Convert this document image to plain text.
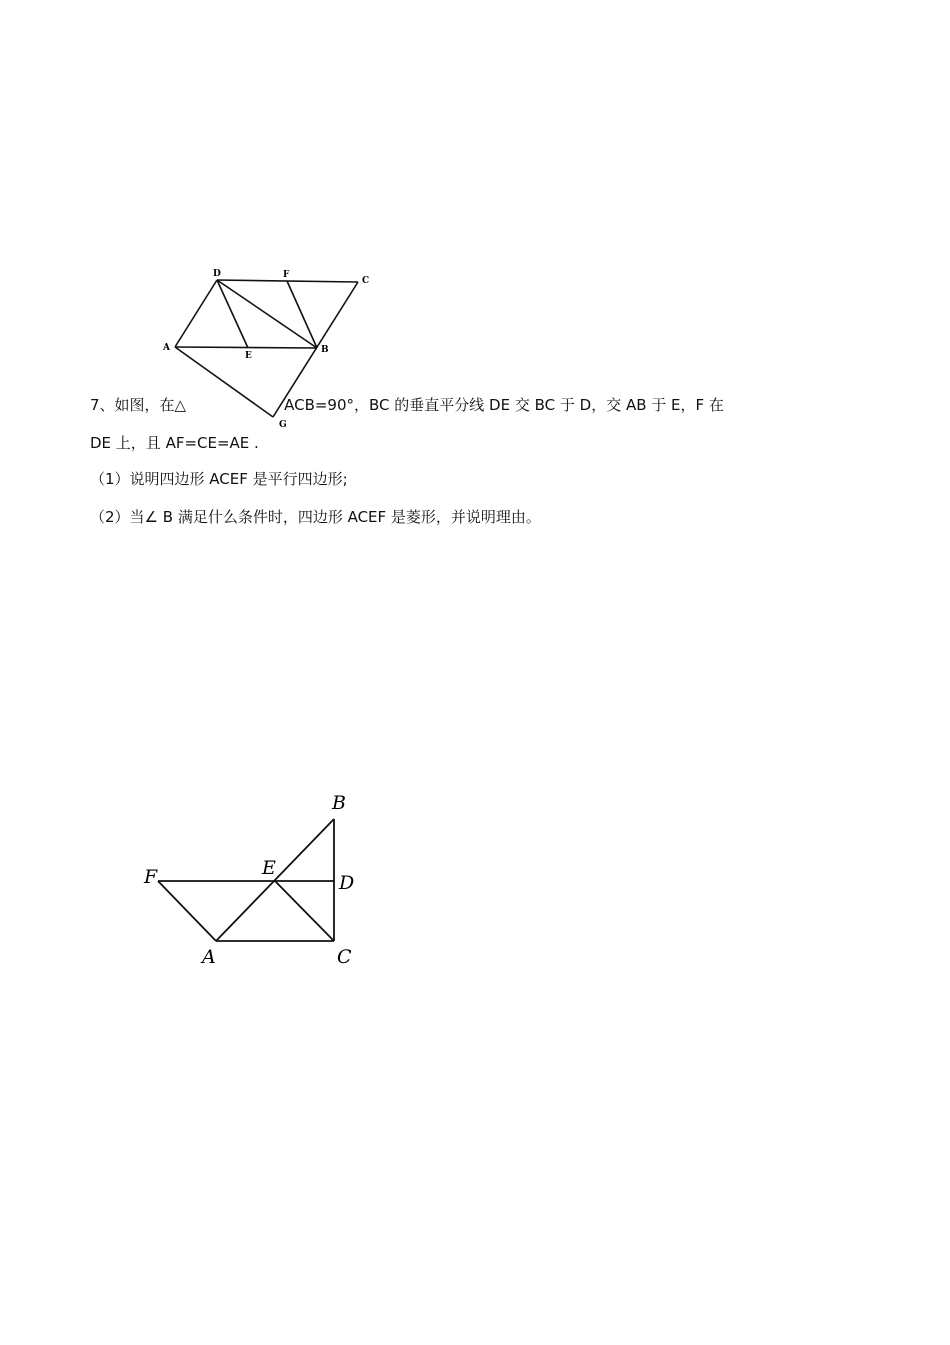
D	F
C
A
E
B
G
7、如图，在△	ACB=90°，BC 的垂直平分线 DE 交 BC 于 D，交 AB 于 E，F 在
DE 上，且 AF=CE=AE .
（1）说明四边形 ACEF 是平行四边形;
（2）当∠ B 满足什么条件时，四边形 ACEF 是菱形，并说明理由。
B
F	E
D
A	C
